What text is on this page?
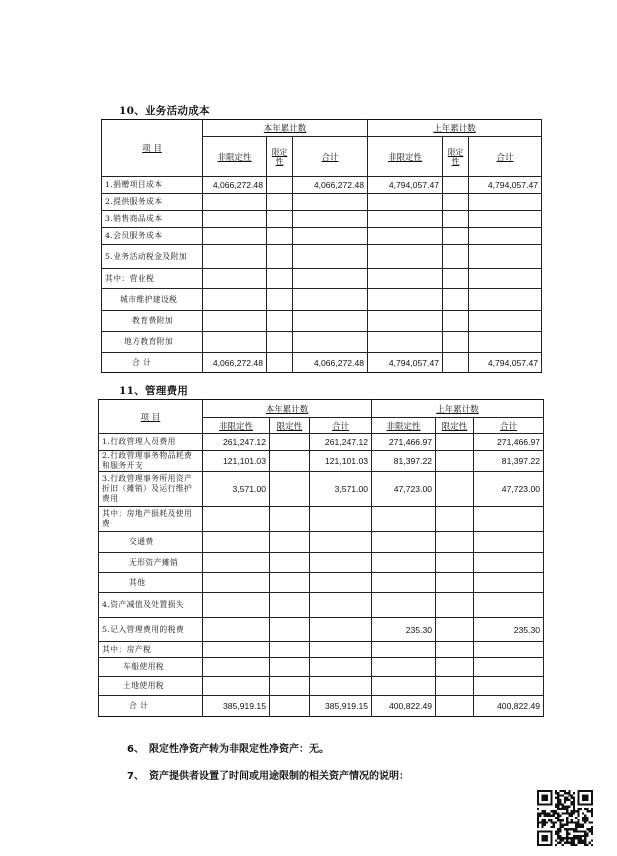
10、业务活动成本
项 目	本年累计数			上年累计数		
	非限定性	限定性	合计	非限定性	限定性	合计
1.捐赠项目成本	4,066,272.48		4,066,272.48	4,794,057.47		4,794,057.47
2.提供服务成本						
3.销售商品成本						
4.会员服务成本						
5.业务活动税金及附加						
其中：营业税						
城市维护建设税						
教育费附加						
地方教育附加						
合 计	4,066,272.48		4,066,272.48	4,794,057.47		4,794,057.47
11、管理费用
项 目	本年累计数			上年累计数		
	非限定性	限定性	合计	非限定性	限定性	合计
1.行政管理人员费用	261,247.12		261,247.12	271,466.97		271,466.97
2.行政管理事务物品耗费和服务开支	121,101.03		121,101.03	81,397.22		81,397.22
3.行政管理事务所用资产折旧（摊销）及运行维护费用	3,571.00		3,571.00	47,723.00		47,723.00
其中：房地产损耗及使用费						
交通费						
无形资产摊销						
其他						
4.资产减值及处置损失						
5.记入管理费用的税费				235.30		235.30
其中：房产税						
车船使用税						
土地使用税						
合 计	385,919.15		385,919.15	400,822.49		400,822.49
6、 限定性净资产转为非限定性净资产：无。
7、 资产提供者设置了时间或用途限制的相关资产情况的说明：
